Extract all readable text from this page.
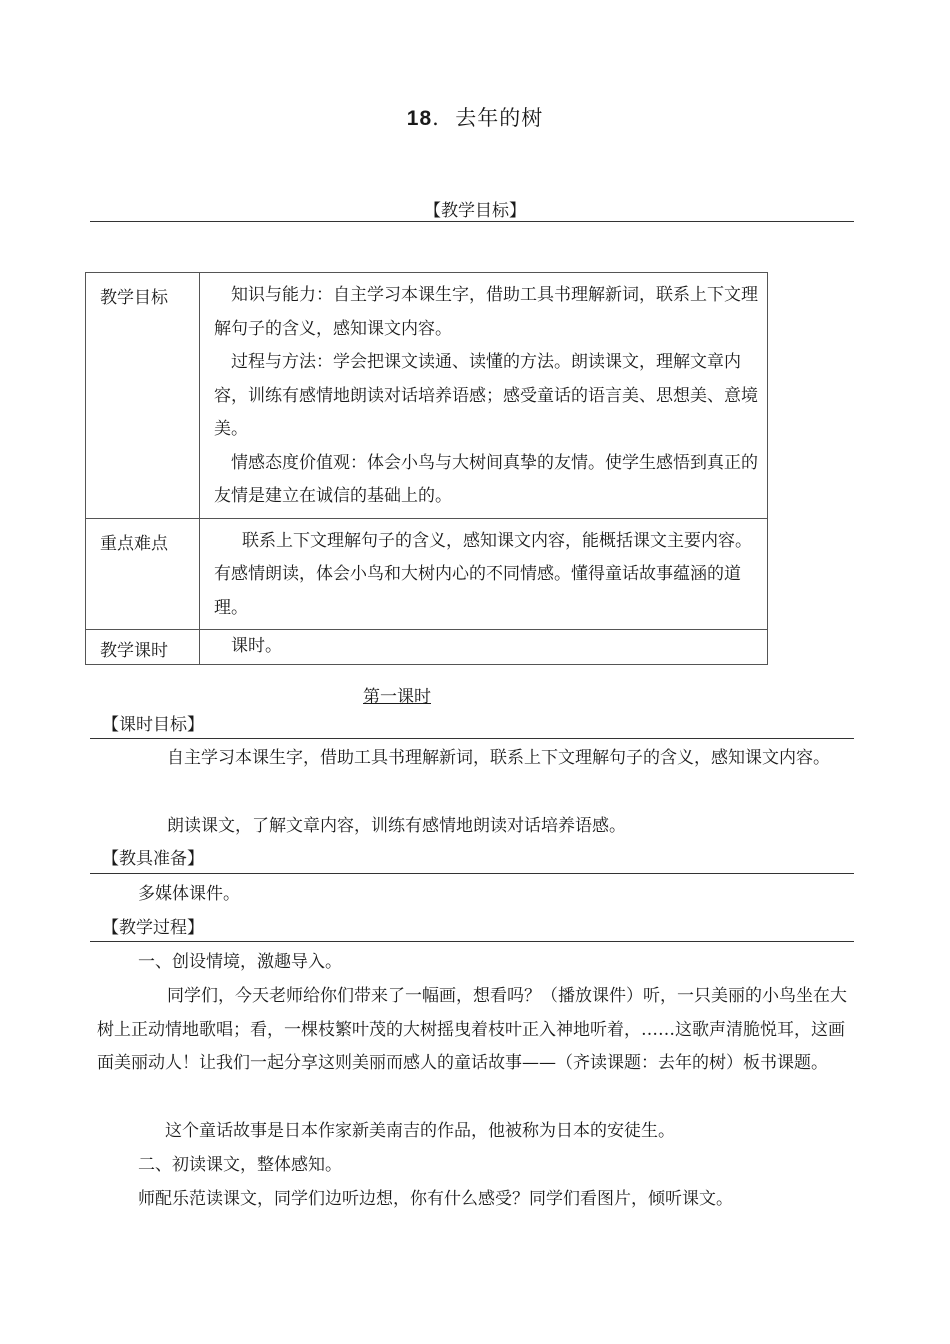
18. 去年的树
【教学目标】
教学目标	知识与能力：自主学习本课生字，借助工具书理解新词，联系上下文理解句子的含义，感知课文内容。

过程与方法：学会把课文读通、读懂的方法。朗读课文，理解文章内容，训练有感情地朗读对话培养语感；感受童话的语言美、思想美、意境美。

情感态度价值观：体会小鸟与大树间真挚的友情。使学生感悟到真正的友情是建立在诚信的基础上的。

重点难点	联系上下文理解句子的含义，感知课文内容，能概括课文主要内容。有感情朗读，体会小鸟和大树内心的不同情感。懂得童话故事蕴涵的道理。

教学课时	课时。

第一课时
【课时目标】

自主学习本课生字，借助工具书理解新词，联系上下文理解句子的含义，感知课文内容。

朗读课文，了解文章内容，训练有感情地朗读对话培养语感。

【教具准备】

多媒体课件。

【教学过程】

一、创设情境，激趣导入。

同学们，今天老师给你们带来了一幅画，想看吗？（播放课件）听，一只美丽的小鸟坐在大树上正动情地歌唱；看，一棵枝繁叶茂的大树摇曳着枝叶正入神地听着，……这歌声清脆悦耳，这画面美丽动人！让我们一起分享这则美丽而感人的童话故事——（齐读课题：去年的树）板书课题。

这个童话故事是日本作家新美南吉的作品，他被称为日本的安徒生。

二、初读课文，整体感知。

师配乐范读课文，同学们边听边想，你有什么感受？同学们看图片，倾听课文。
